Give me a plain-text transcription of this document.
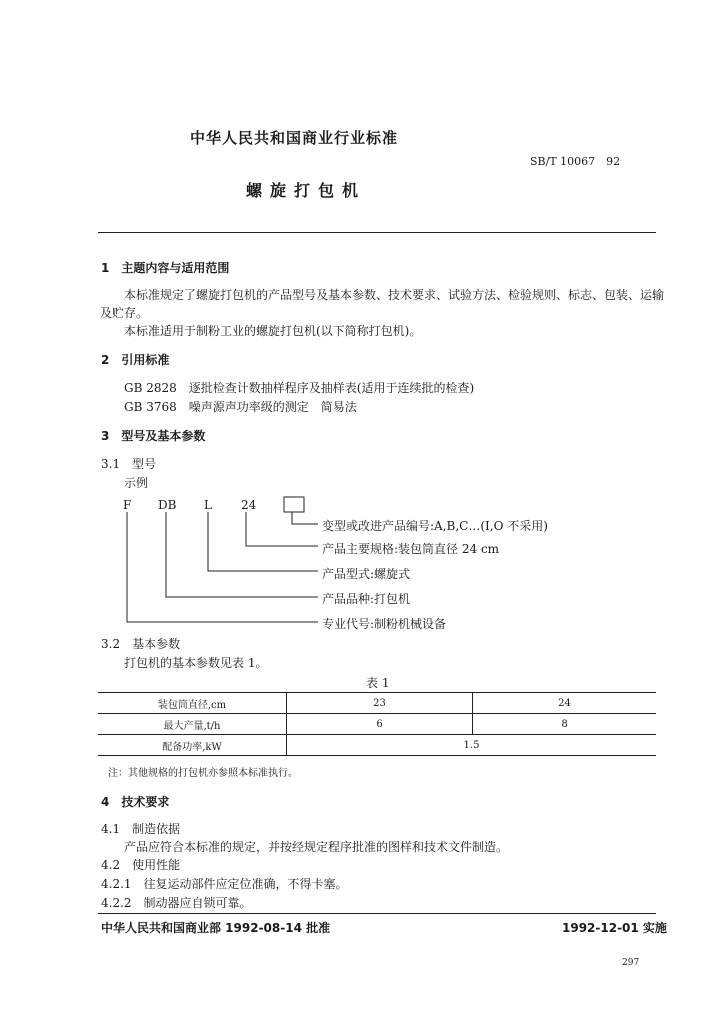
中华人民共和国商业行业标准
SB/T 10067　92
螺旋打包机
1　主题内容与适用范围
本标准规定了螺旋打包机的产品型号及基本参数、技术要求、试验方法、检验规则、标志、包装、运输
及贮存。
本标准适用于制粉工业的螺旋打包机(以下简称打包机)。
2　引用标准
GB 2828　逐批检查计数抽样程序及抽样表(适用于连续批的检查)
GB 3768　噪声源声功率级的测定　简易法
3　型号及基本参数
3.1　型号
示例
F DB L 24
变型或改进产品编号:A,B,C…(I,O 不采用)
产品主要规格:装包筒直径 24 cm
产品型式:螺旋式
产品品种:打包机
专业代号:制粉机械设备
3.2　基本参数
打包机的基本参数见表 1。
表 1
装包筒直径,cm	23	24
最大产量,t/h	6	8
配备功率,kW	1.5	
注：其他规格的打包机亦参照本标准执行。
4　技术要求
4.1　制造依据
产品应符合本标准的规定，并按经规定程序批准的图样和技术文件制造。
4.2　使用性能
4.2.1　往复运动部件应定位准确，不得卡塞。
4.2.2　制动器应自锁可靠。
中华人民共和国商业部 1992-08-14 批准	1992-12-01 实施
297
